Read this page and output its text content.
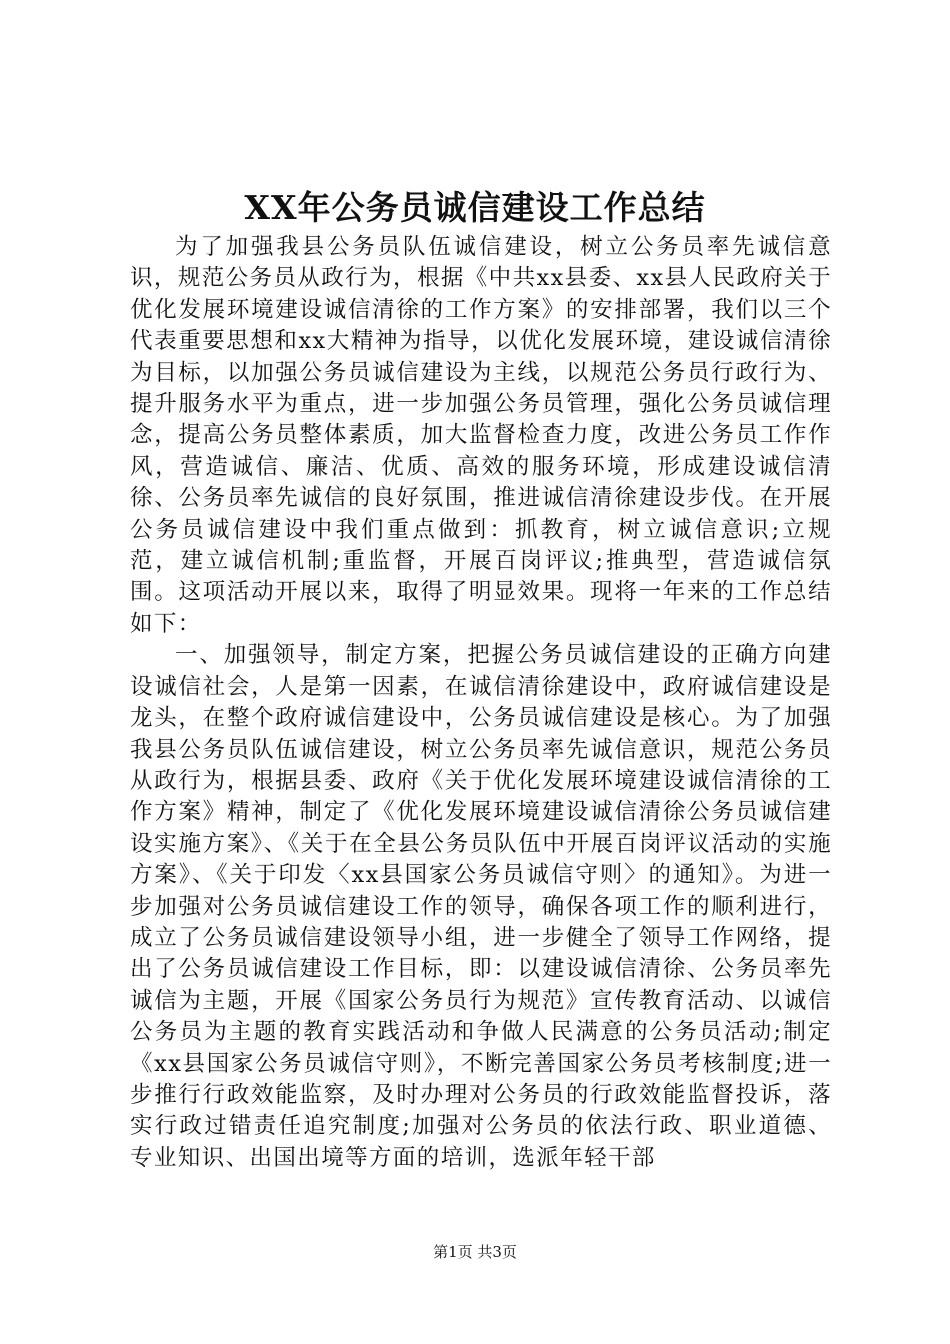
XX年公务员诚信建设工作总结

为了加强我县公务员队伍诚信建设，树立公务员率先诚信意识，规范公务员从政行为，根据《中共xx县委、xx县人民政府关于优化发展环境建设诚信清徐的工作方案》的安排部署，我们以三个代表重要思想和xx大精神为指导，以优化发展环境，建设诚信清徐为目标，以加强公务员诚信建设为主线，以规范公务员行政行为、提升服务水平为重点，进一步加强公务员管理，强化公务员诚信理念，提高公务员整体素质，加大监督检查力度，改进公务员工作作风，营造诚信、廉洁、优质、高效的服务环境，形成建设诚信清徐、公务员率先诚信的良好氛围，推进诚信清徐建设步伐。在开展公务员诚信建设中我们重点做到：抓教育，树立诚信意识;立规范，建立诚信机制;重监督，开展百岗评议;推典型，营造诚信氛围。这项活动开展以来，取得了明显效果。现将一年来的工作总结如下：

一、加强领导，制定方案，把握公务员诚信建设的正确方向建设诚信社会，人是第一因素，在诚信清徐建设中，政府诚信建设是龙头，在整个政府诚信建设中，公务员诚信建设是核心。为了加强我县公务员队伍诚信建设，树立公务员率先诚信意识，规范公务员从政行为，根据县委、政府《关于优化发展环境建设诚信清徐的工作方案》精神，制定了《优化发展环境建设诚信清徐公务员诚信建设实施方案》、《关于在全县公务员队伍中开展百岗评议活动的实施方案》、《关于印发〈xx县国家公务员诚信守则〉的通知》。为进一步加强对公务员诚信建设工作的领导，确保各项工作的顺利进行，成立了公务员诚信建设领导小组，进一步健全了领导工作网络，提出了公务员诚信建设工作目标，即：以建设诚信清徐、公务员率先诚信为主题，开展《国家公务员行为规范》宣传教育活动、以诚信公务员为主题的教育实践活动和争做人民满意的公务员活动;制定《xx县国家公务员诚信守则》，不断完善国家公务员考核制度;进一步推行行政效能监察，及时办理对公务员的行政效能监督投诉，落实行政过错责任追究制度;加强对公务员的依法行政、职业道德、专业知识、出国出境等方面的培训，选派年轻干部

第1页 共3页
